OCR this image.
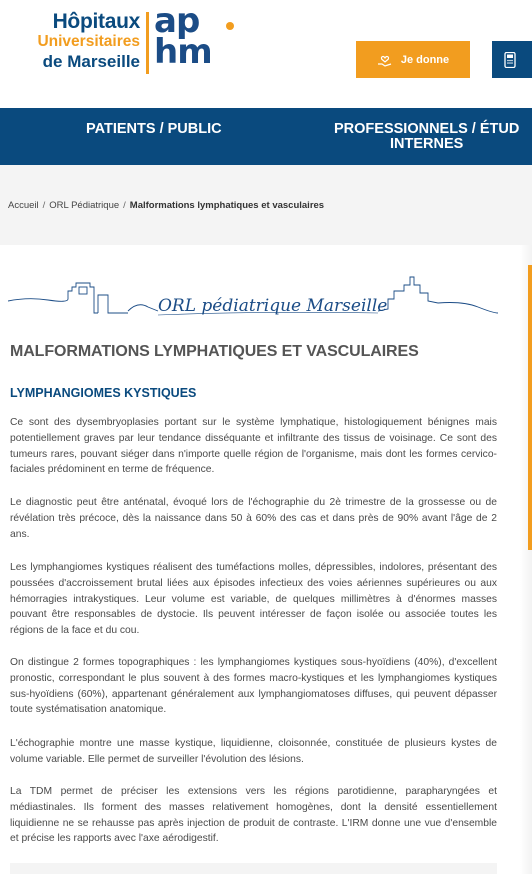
Hôpitaux
Universitaires
de Marseille
ap
hm	Je donne
PATIENTS / PUBLIC	PROFESSIONNELS / ÉTUD
INTERNES
Accueil / ORL Pédiatrique / Malformations lymphatiques et vasculaires
ORL pédiatrique Marseille
MALFORMATIONS LYMPHATIQUES ET VASCULAIRES
LYMPHANGIOMES KYSTIQUES

Ce sont des dysembryoplasies portant sur le système lymphatique, histologiquement bénignes mais potentiellement graves par leur tendance disséquante et infiltrante des tissus de voisinage. Ce sont des tumeurs rares, pouvant siéger dans n'importe quelle région de l'organisme, mais dont les formes cervico-faciales prédominent en terme de fréquence.

Le diagnostic peut être anténatal, évoqué lors de l'échographie du 2è trimestre de la grossesse ou de révélation très précoce, dès la naissance dans 50 à 60% des cas et dans près de 90% avant l'âge de 2 ans.

Les lymphangiomes kystiques réalisent des tuméfactions molles, dépressibles, indolores, présentant des poussées d'accroissement brutal liées aux épisodes infectieux des voies aériennes supérieures ou aux hémorragies intrakystiques. Leur volume est variable, de quelques millimètres à d'énormes masses pouvant être responsables de dystocie. Ils peuvent intéresser de façon isolée ou associée toutes les régions de la face et du cou.

On distingue 2 formes topographiques : les lymphangiomes kystiques sous-hyoïdiens (40%), d'excellent pronostic, correspondant le plus souvent à des formes macro-kystiques et les lymphangiomes kystiques sus-hyoïdiens (60%), appartenant généralement aux lymphangiomatoses diffuses, qui peuvent dépasser toute systématisation anatomique.

L'échographie montre une masse kystique, liquidienne, cloisonnée, constituée de plusieurs kystes de volume variable. Elle permet de surveiller l'évolution des lésions.

La TDM permet de préciser les extensions vers les régions parotidienne, parapharyngées et médiastinales. Ils forment des masses relativement homogènes, dont la densité essentiellement liquidienne ne se rehausse pas après injection de produit de contraste. L'IRM donne une vue d'ensemble et précise les rapports avec l'axe aérodigestif.
